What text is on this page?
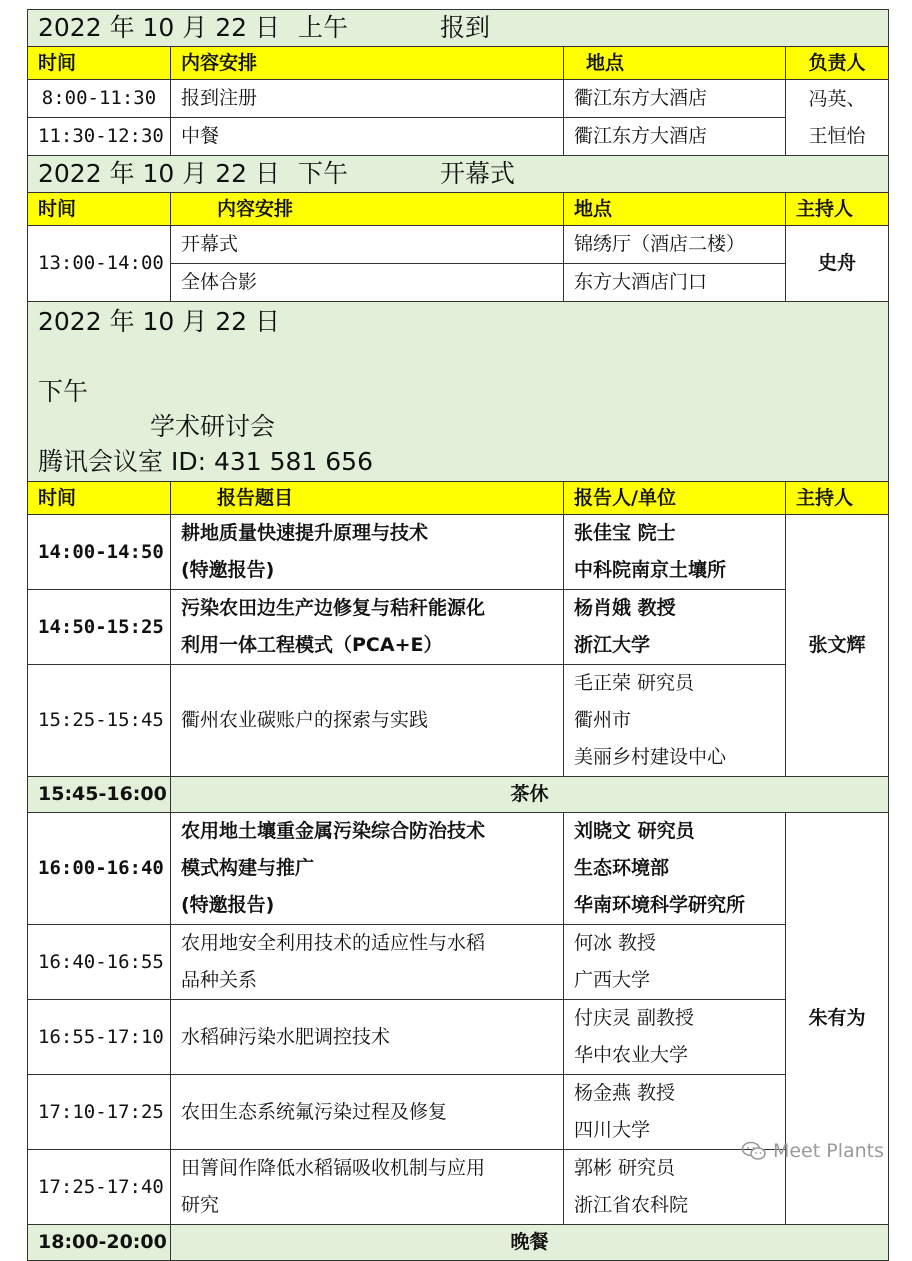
2022 年 10 月 22 日 上午 报到			
时间	内容安排	地点	负责人
8:00-11:30	报到注册	衢江东方大酒店	冯英、
王恒怡

11:30-12:30	中餐	衢江东方大酒店	
2022 年 10 月 22 日 下午 开幕式			
时间	内容安排	地点	主持人
13:00-14:00	开幕式	锦绣厅（酒店二楼）	史舟
	全体合影	东方大酒店门口	

2022 年 10 月 22 日
下午
学术研讨会
腾讯会议室 ID: 431 581 656			

时间	报告题目	报告人/单位	主持人
14:00-14:50	耕地质量快速提升原理与技术
(特邀报告)	张佳宝 院士
中科院南京土壤所	张文辉
14:50-15:25	污染农田边生产边修复与秸秆能源化
利用一体工程模式（PCA+E）	杨肖娥 教授
浙江大学	

15:25-15:45	衢州农业碳账户的探索与实践	毛正荣 研究员
衢州市
美丽乡村建设中心	

15:45-16:00	茶休		
16:00-16:40	农用地土壤重金属污染综合防治技术
模式构建与推广
(特邀报告)	刘晓文 研究员
生态环境部
华南环境科学研究所	朱有为
16:40-16:55	农用地安全利用技术的适应性与水稻
品种关系	何冰 教授
广西大学	

16:55-17:10	水稻砷污染水肥调控技术	付庆灵 副教授
华中农业大学	

17:10-17:25	农田生态系统氟污染过程及修复	杨金燕 教授
四川大学	

17:25-17:40	田箐间作降低水稻镉吸收机制与应用
研究	郭彬 研究员
浙江省农科院	

18:00-20:00	晚餐		
Meet Plants
